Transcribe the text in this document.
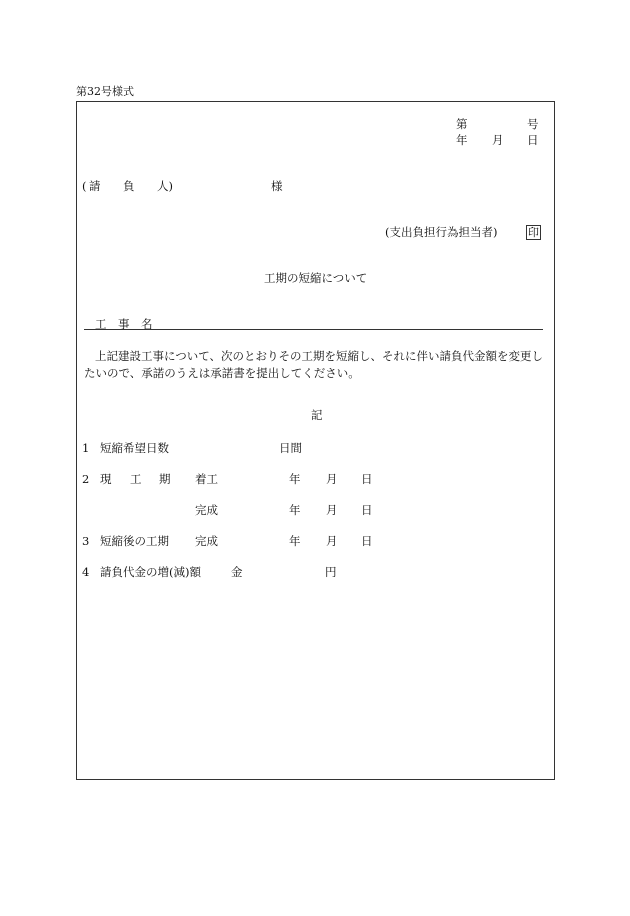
第32号様式
第	号
年 月 日
( 請 負 人)	様
(支出負担行為担当者)	印
工期の短縮について
工 事 名
上記建設工事について、次のとおりその工期を短縮し、それに伴い請負代金額を変更したいので、承諾のうえは承諾書を提出してください。
記
1 短縮希望日数	日間
2 現 工 期 着工	年 月 日
完成	年 月 日
3 短縮後の工期 完成	年 月 日
4 請負代金の増(減)額	金	円
